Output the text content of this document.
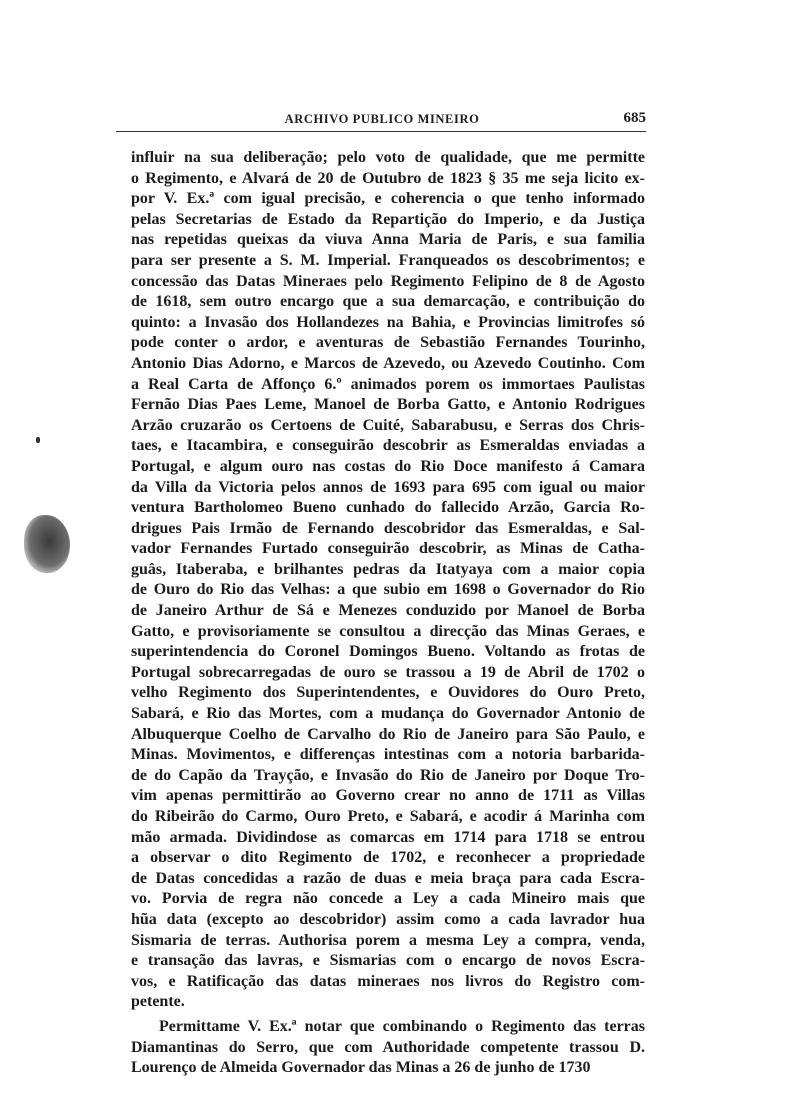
ARCHIVO PUBLICO MINEIRO	685
influir na sua deliberação; pelo voto de qualidade, que me permitte
o Regimento, e Alvará de 20 de Outubro de 1823 § 35 me seja licito ex-
por V. Ex.ª com igual precisão, e coherencia o que tenho informado
pelas Secretarias de Estado da Repartição do Imperio, e da Justiça
nas repetidas queixas da viuva Anna Maria de Paris, e sua familia
para ser presente a S. M. Imperial. Franqueados os descobrimentos; e
concessão das Datas Mineraes pelo Regimento Felipino de 8 de Agosto
de 1618, sem outro encargo que a sua demarcação, e contribuição do
quinto: a Invasão dos Hollandezes na Bahia, e Provincias limitrofes só
pode conter o ardor, e aventuras de Sebastião Fernandes Tourinho,
Antonio Dias Adorno, e Marcos de Azevedo, ou Azevedo Coutinho. Com
a Real Carta de Affonço 6.º animados porem os immortaes Paulistas
Fernão Dias Paes Leme, Manoel de Borba Gatto, e Antonio Rodrigues
Arzão cruzarão os Certoens de Cuité, Sabarabusu, e Serras dos Chris-
taes, e Itacambira, e conseguirão descobrir as Esmeraldas enviadas a
Portugal, e algum ouro nas costas do Rio Doce manifesto á Camara
da Villa da Victoria pelos annos de 1693 para 695 com igual ou maior
ventura Bartholomeo Bueno cunhado do fallecido Arzão, Garcia Ro-
drigues Pais Irmão de Fernando descobridor das Esmeraldas, e Sal-
vador Fernandes Furtado conseguirão descobrir, as Minas de Catha-
guâs, Itaberaba, e brilhantes pedras da Itatyaya com a maior copia
de Ouro do Rio das Velhas: a que subio em 1698 o Governador do Rio
de Janeiro Arthur de Sá e Menezes conduzido por Manoel de Borba
Gatto, e provisoriamente se consultou a direcção das Minas Geraes, e
superintendencia do Coronel Domingos Bueno. Voltando as frotas de
Portugal sobrecarregadas de ouro se trassou a 19 de Abril de 1702 o
velho Regimento dos Superintendentes, e Ouvidores do Ouro Preto,
Sabará, e Rio das Mortes, com a mudança do Governador Antonio de
Albuquerque Coelho de Carvalho do Rio de Janeiro para São Paulo, e
Minas. Movimentos, e differenças intestinas com a notoria barbarida-
de do Capão da Trayção, e Invasão do Rio de Janeiro por Doque Tro-
vim apenas permittirão ao Governo crear no anno de 1711 as Villas
do Ribeirão do Carmo, Ouro Preto, e Sabará, e acodir á Marinha com
mão armada. Dividindose as comarcas em 1714 para 1718 se entrou
a observar o dito Regimento de 1702, e reconhecer a propriedade
de Datas concedidas a razão de duas e meia braça para cada Escra-
vo. Porvia de regra não concede a Ley a cada Mineiro mais que
hũa data (excepto ao descobridor) assim como a cada lavrador hua
Sismaria de terras. Authorisa porem a mesma Ley a compra, venda,
e transação das lavras, e Sismarias com o encargo de novos Escra-
vos, e Ratificação das datas mineraes nos livros do Registro com-
petente.
Permittame V. Ex.ª notar que combinando o Regimento das terras
Diamantinas do Serro, que com Authoridade competente trassou D.
Lourenço de Almeida Governador das Minas a 26 de junho de 1730
